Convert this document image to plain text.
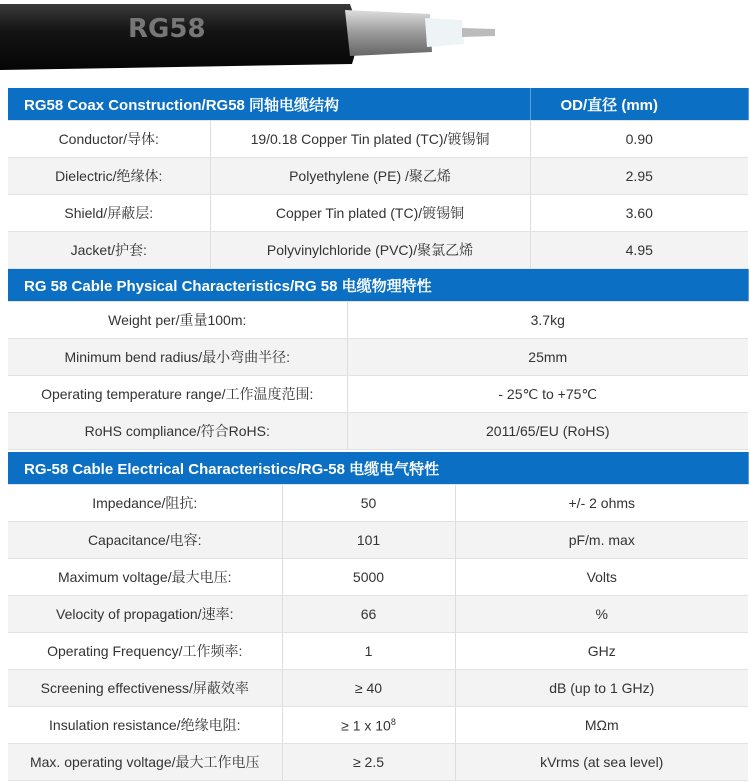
RG58
RG58 Coax Construction/RG58 同轴电缆结构		OD/直径 (mm)
Conductor/导体:	19/0.18 Copper Tin plated (TC)/镀锡铜	0.90
Dielectric/绝缘体:	Polyethylene (PE) /聚乙烯	2.95
Shield/屏蔽层:	Copper Tin plated (TC)/镀锡铜	3.60
Jacket/护套:	Polyvinylchloride (PVC)/聚氯乙烯	4.95
RG 58 Cable Physical Characteristics/RG 58 电缆物理特性	
Weight per/重量100m:	3.7kg
Minimum bend radius/最小弯曲半径:	25mm
Operating temperature range/工作温度范围:	- 25℃ to +75℃
RoHS compliance/符合RoHS:	2011/65/EU (RoHS)
RG-58 Cable Electrical Characteristics/RG-58 电缆电气特性		
Impedance/阻抗:	50	+/- 2 ohms
Capacitance/电容:	101	pF/m. max
Maximum voltage/最大电压:	5000	Volts
Velocity of propagation/速率:	66	%
Operating Frequency/工作频率:	1	GHz
Screening effectiveness/屏蔽效率	≥ 40	dB (up to 1 GHz)
Insulation resistance/绝缘电阻:	≥ 1 x $10^8$	MΩm
Max. operating voltage/最大工作电压	≥ 2.5	kVrms (at sea level)
